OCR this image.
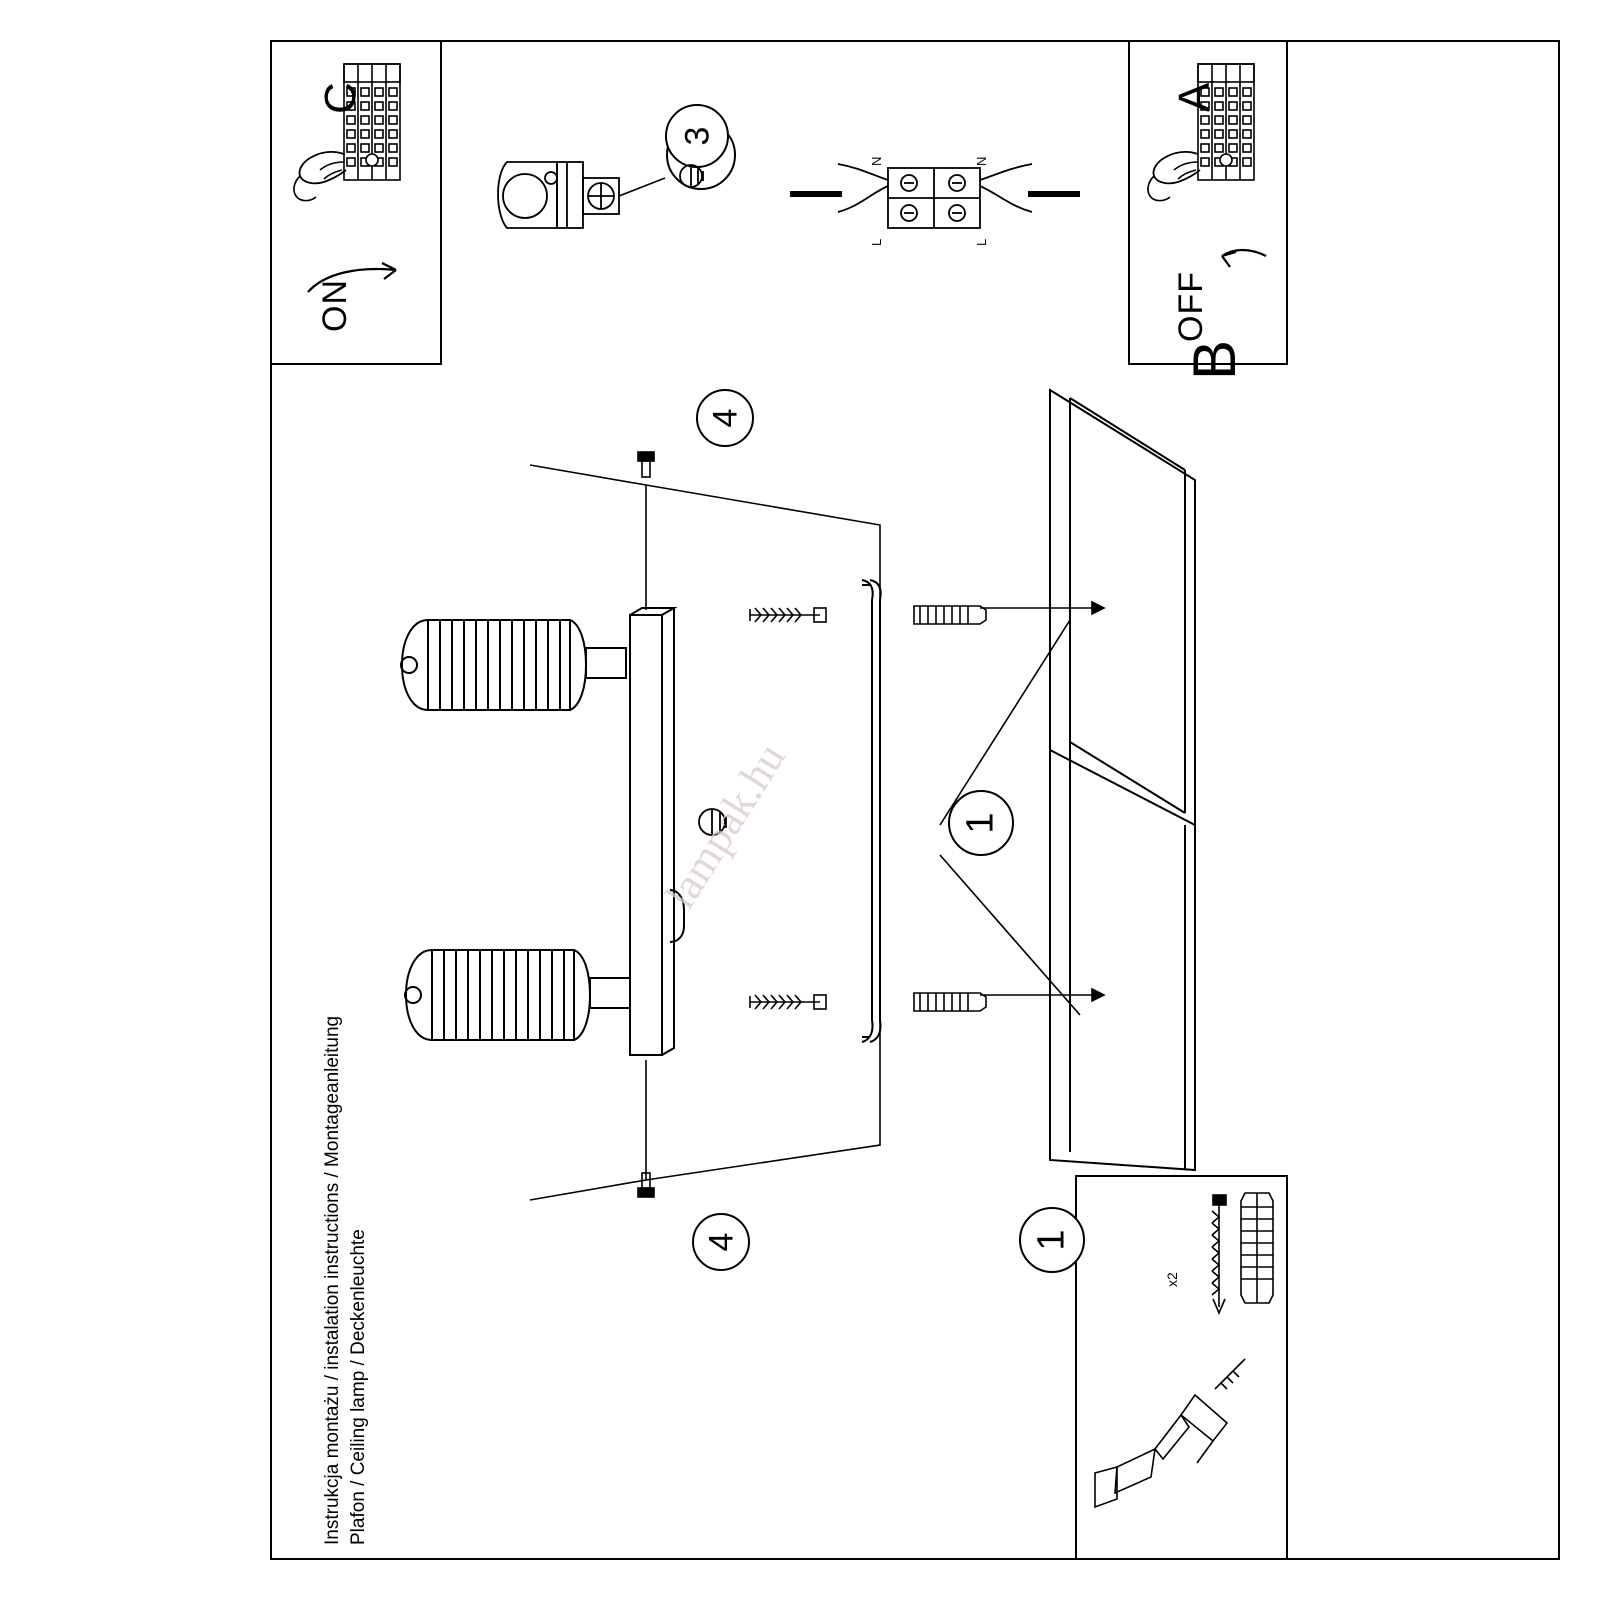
A
OFF
C
ON
N	N
L	L
3
B
1
4
4
x2
1
lampak.hu
Instrukcja montażu / instalation instructions / Montageanleitung Plafon / Ceiling lamp / Deckenleuchte
